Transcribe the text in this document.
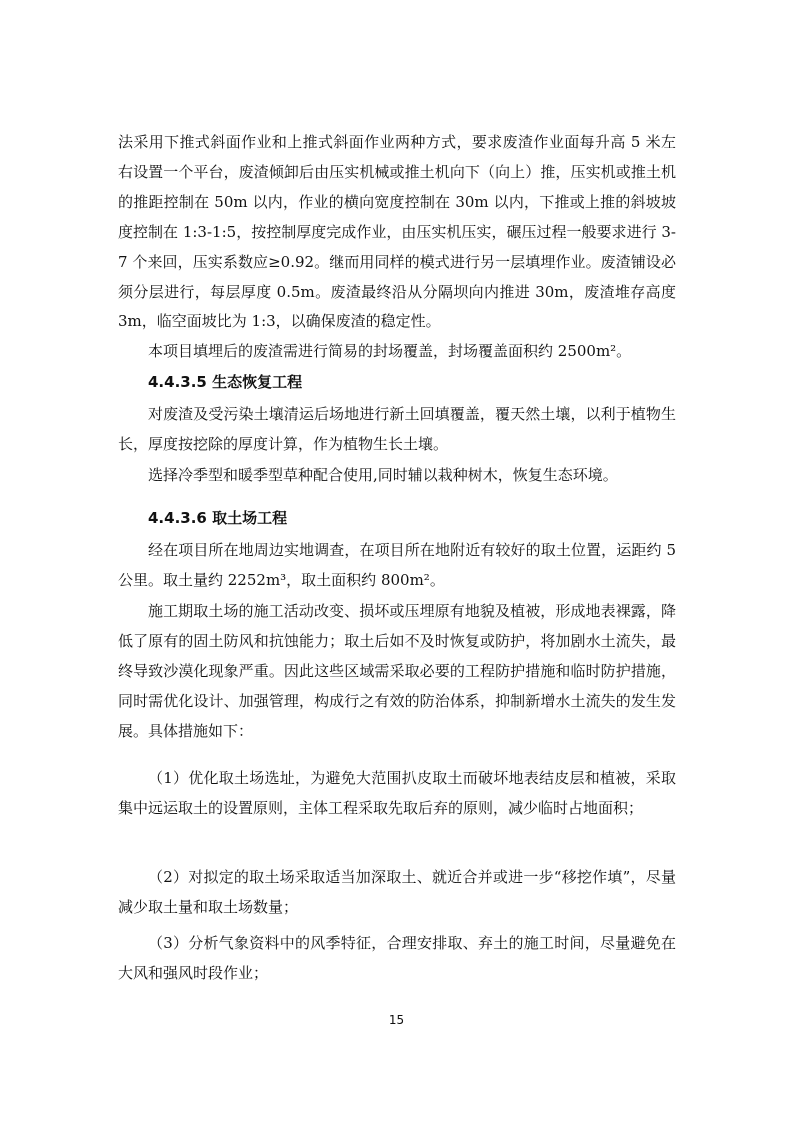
法采用下推式斜面作业和上推式斜面作业两种方式，要求废渣作业面每升高 5 米左右设置一个平台，废渣倾卸后由压实机械或推土机向下（向上）推，压实机或推土机的推距控制在 50m 以内，作业的横向宽度控制在 30m 以内，下推或上推的斜坡坡度控制在 1:3-1:5，按控制厚度完成作业，由压实机压实，碾压过程一般要求进行 3-7 个来回，压实系数应≥0.92。继而用同样的模式进行另一层填埋作业。废渣铺设必须分层进行，每层厚度 0.5m。废渣最终沿从分隔坝向内推进 30m，废渣堆存高度 3m，临空面坡比为 1:3，以确保废渣的稳定性。

本项目填埋后的废渣需进行简易的封场覆盖，封场覆盖面积约 2500m²。

4.4.3.5 生态恢复工程

对废渣及受污染土壤清运后场地进行新土回填覆盖，覆天然土壤，以利于植物生长，厚度按挖除的厚度计算，作为植物生长土壤。

选择冷季型和暖季型草种配合使用,同时辅以栽种树木，恢复生态环境。

4.4.3.6 取土场工程

经在项目所在地周边实地调查，在项目所在地附近有较好的取土位置，运距约 5 公里。取土量约 2252m³，取土面积约 800m²。

施工期取土场的施工活动改变、损坏或压埋原有地貌及植被，形成地表裸露，降低了原有的固土防风和抗蚀能力；取土后如不及时恢复或防护，将加剧水土流失，最终导致沙漠化现象严重。因此这些区域需采取必要的工程防护措施和临时防护措施，同时需优化设计、加强管理，构成行之有效的防治体系，抑制新增水土流失的发生发展。具体措施如下：

（1）优化取土场选址，为避免大范围扒皮取土而破坏地表结皮层和植被，采取集中远运取土的设置原则，主体工程采取先取后弃的原则，减少临时占地面积；

（2）对拟定的取土场采取适当加深取土、就近合并或进一步“移挖作填”，尽量减少取土量和取土场数量；

（3）分析气象资料中的风季特征，合理安排取、弃土的施工时间，尽量避免在大风和强风时段作业；

15
